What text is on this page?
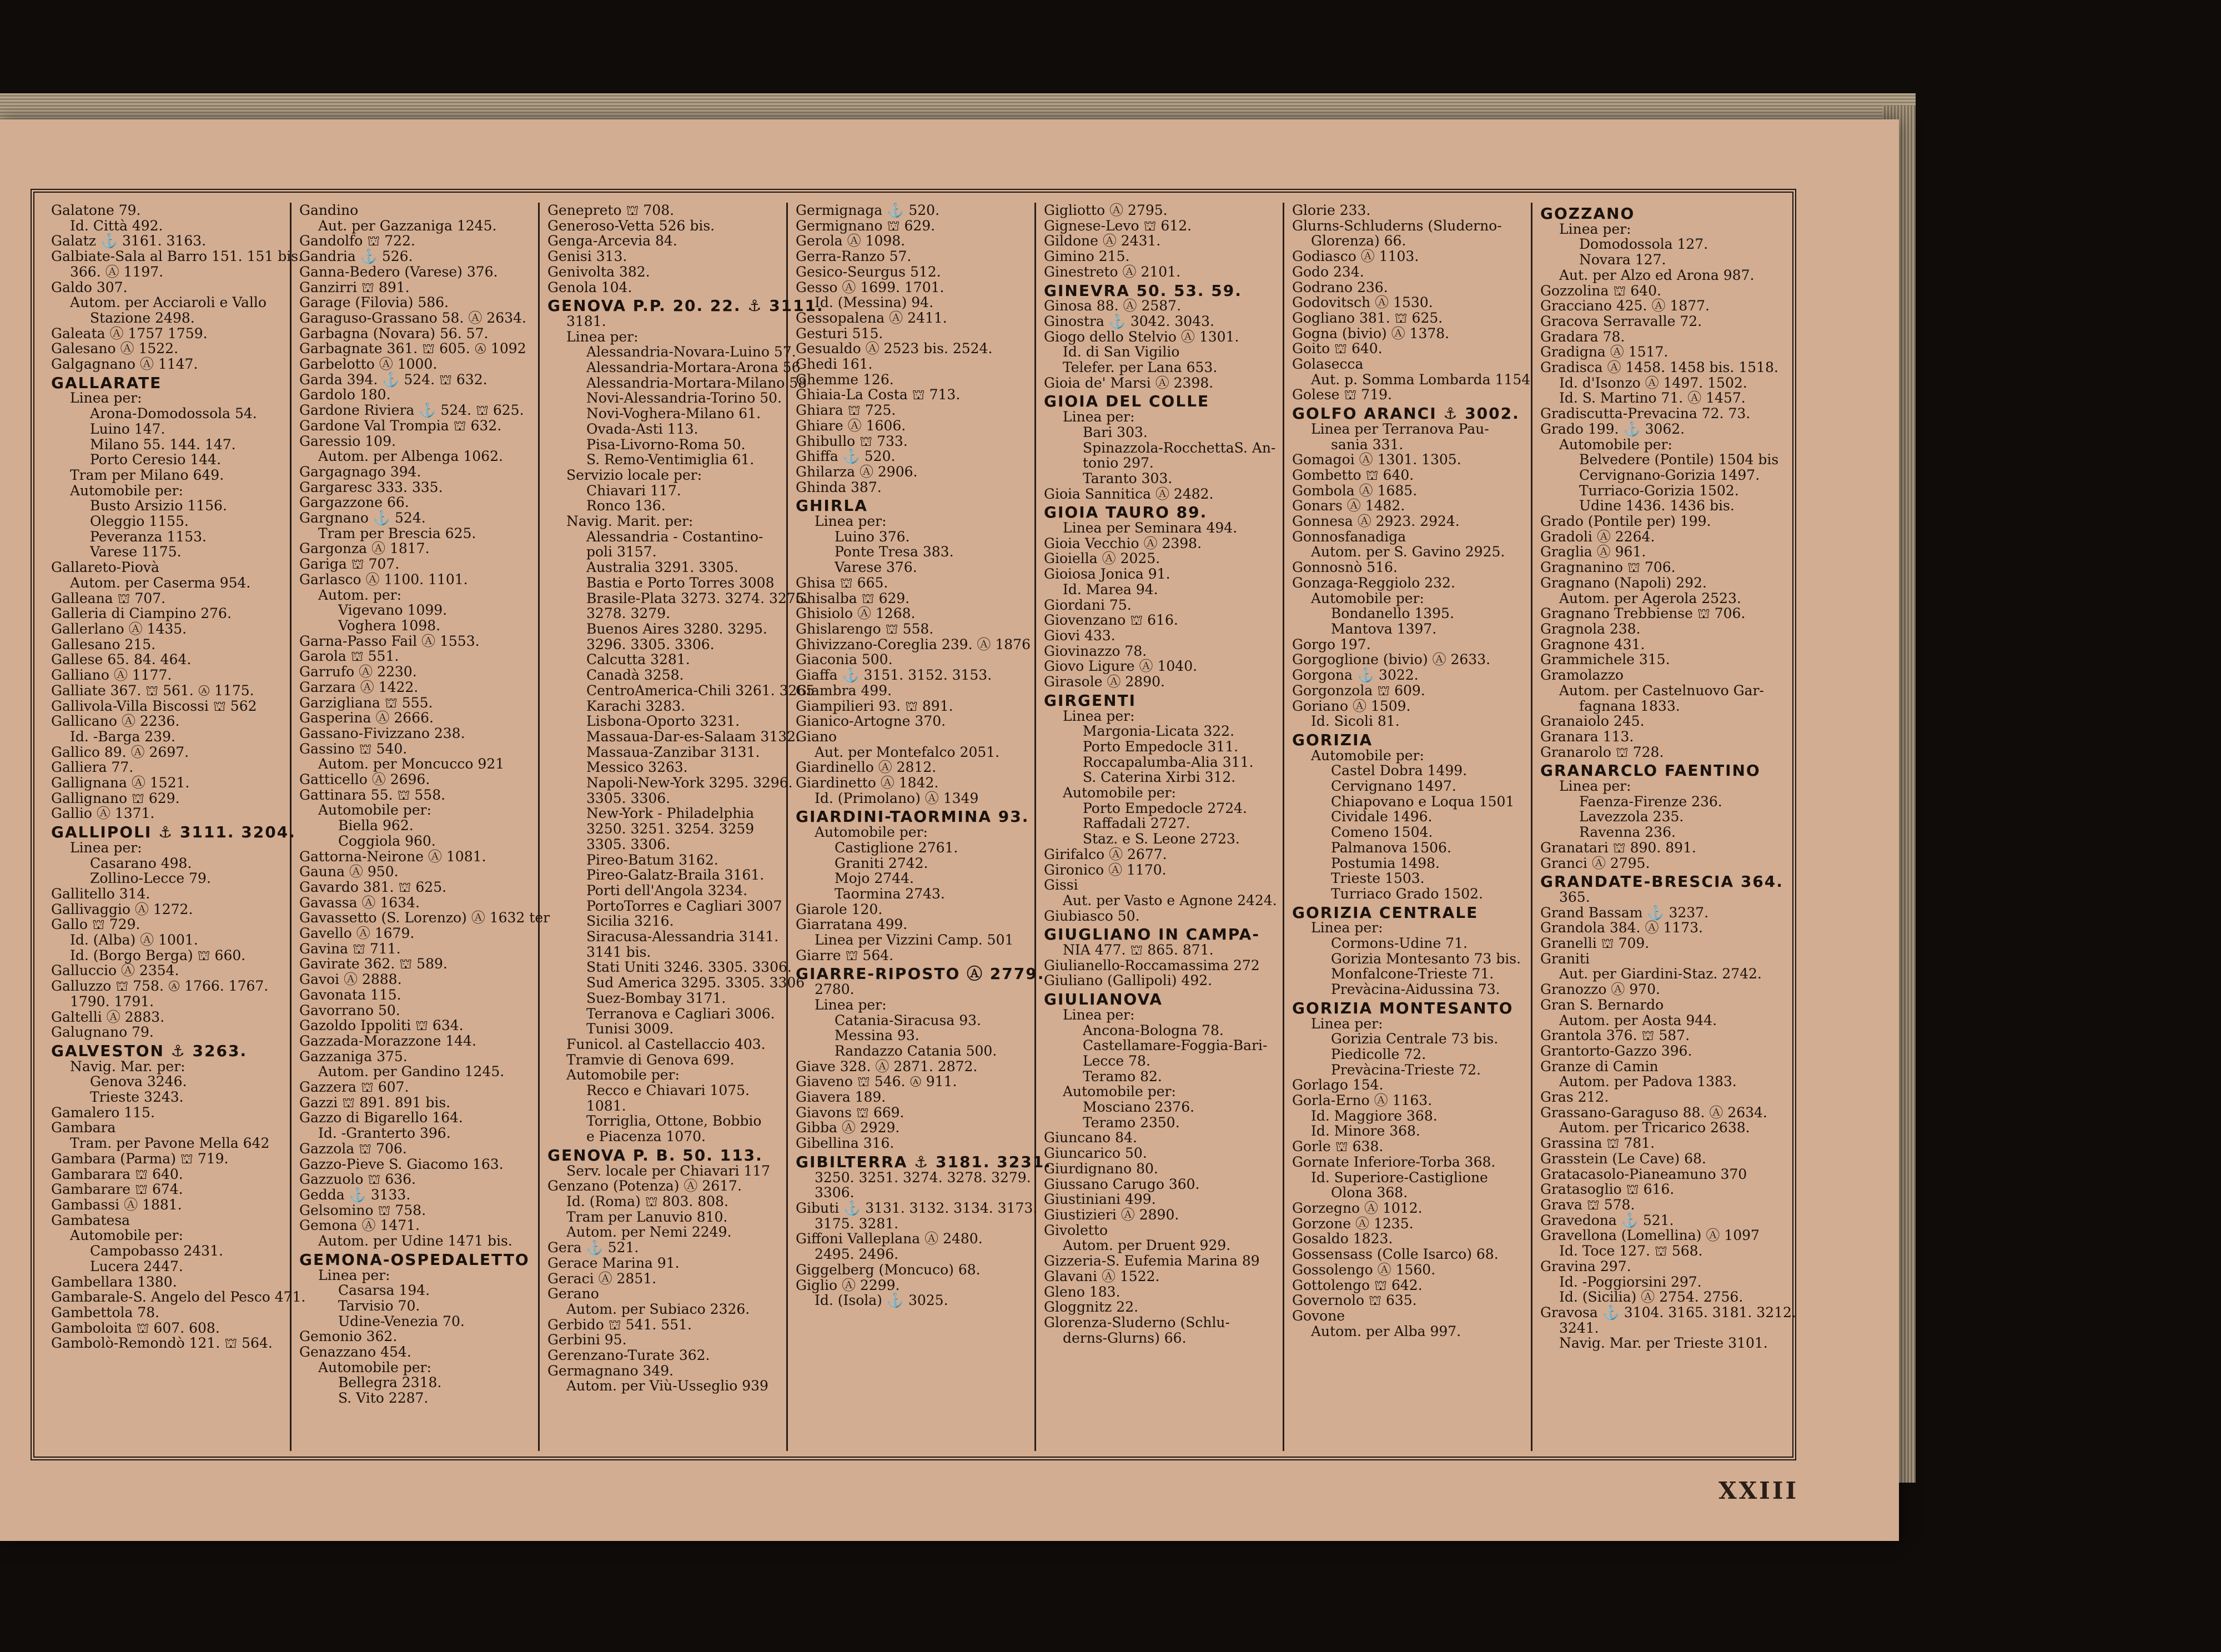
Galatone 79.
Id. Città 492.
Galatz ⚓ 3161. 3163.
Galbiate-Sala al Barro 151. 151 bis.
366. Ⓐ 1197.
Galdo 307.
Autom. per Acciaroli e Vallo
Stazione 2498.
Galeata Ⓐ 1757 1759.
Galesano Ⓐ 1522.
Galgagnano Ⓐ 1147.
GALLARATE
Linea per:
Arona-Domodossola 54.
Luino 147.
Milano 55. 144. 147.
Porto Ceresio 144.
Tram per Milano 649.
Automobile per:
Busto Arsizio 1156.
Oleggio 1155.
Peveranza 1153.
Varese 1175.
Gallareto-Piovà
Autom. per Caserma 954.
Galleana ⛫ 707.
Galleria di Ciampino 276.
Gallerlano Ⓐ 1435.
Gallesano 215.
Gallese 65. 84. 464.
Galliano Ⓐ 1177.
Galliate 367. ⛫ 561. Ⓐ 1175.
Gallivola-Villa Biscossi ⛫ 562
Gallicano Ⓐ 2236.
Id. -Barga 239.
Gallico 89. Ⓐ 2697.
Galliera 77.
Gallignana Ⓐ 1521.
Gallignano ⛫ 629.
Gallio Ⓐ 1371.
GALLIPOLI ⚓ 3111. 3204.
Linea per:
Casarano 498.
Zollino-Lecce 79.
Gallitello 314.
Gallivaggio Ⓐ 1272.
Gallo ⛫ 729.
Id. (Alba) Ⓐ 1001.
Id. (Borgo Berga) ⛫ 660.
Galluccio Ⓐ 2354.
Galluzzo ⛫ 758. Ⓐ 1766. 1767.
1790. 1791.
Galtelli Ⓐ 2883.
Galugnano 79.
GALVESTON ⚓ 3263.
Navig. Mar. per:
Genova 3246.
Trieste 3243.
Gamalero 115.
Gambara
Tram. per Pavone Mella 642
Gambara (Parma) ⛫ 719.
Gambarara ⛫ 640.
Gambarare ⛫ 674.
Gambassi Ⓐ 1881.
Gambatesa
Automobile per:
Campobasso 2431.
Lucera 2447.
Gambellara 1380.
Gambarale-S. Angelo del Pesco 471.
Gambettola 78.
Gamboloita ⛫ 607. 608.
Gambolò-Remondò 121. ⛫ 564.
Gandino
Aut. per Gazzaniga 1245.
Gandolfo ⛫ 722.
Gandria ⚓ 526.
Ganna-Bedero (Varese) 376.
Ganzirri ⛫ 891.
Garage (Filovia) 586.
Garaguso-Grassano 58. Ⓐ 2634.
Garbagna (Novara) 56. 57.
Garbagnate 361. ⛫ 605. Ⓐ 1092
Garbelotto Ⓐ 1000.
Garda 394. ⚓ 524. ⛫ 632.
Gardolo 180.
Gardone Riviera ⚓ 524. ⛫ 625.
Gardone Val Trompia ⛫ 632.
Garessio 109.
Autom. per Albenga 1062.
Gargagnago 394.
Gargaresc 333. 335.
Gargazzone 66.
Gargnano ⚓ 524.
Tram per Brescia 625.
Gargonza Ⓐ 1817.
Gariga ⛫ 707.
Garlasco Ⓐ 1100. 1101.
Autom. per:
Vigevano 1099.
Voghera 1098.
Garna-Passo Fail Ⓐ 1553.
Garola ⛫ 551.
Garrufo Ⓐ 2230.
Garzara Ⓐ 1422.
Garzigliana ⛫ 555.
Gasperina Ⓐ 2666.
Gassano-Fivizzano 238.
Gassino ⛫ 540.
Autom. per Moncucco 921
Gatticello Ⓐ 2696.
Gattinara 55. ⛫ 558.
Automobile per:
Biella 962.
Coggiola 960.
Gattorna-Neirone Ⓐ 1081.
Gauna Ⓐ 950.
Gavardo 381. ⛫ 625.
Gavassa Ⓐ 1634.
Gavassetto (S. Lorenzo) Ⓐ 1632 ter
Gavello Ⓐ 1679.
Gavina ⛫ 711.
Gavirate 362. ⛫ 589.
Gavoi Ⓐ 2888.
Gavonata 115.
Gavorrano 50.
Gazoldo Ippoliti ⛫ 634.
Gazzada-Morazzone 144.
Gazzaniga 375.
Autom. per Gandino 1245.
Gazzera ⛫ 607.
Gazzi ⛫ 891. 891 bis.
Gazzo di Bigarello 164.
Id. -Granterto 396.
Gazzola ⛫ 706.
Gazzo-Pieve S. Giacomo 163.
Gazzuolo ⛫ 636.
Gedda ⚓ 3133.
Gelsomino ⛫ 758.
Gemona Ⓐ 1471.
Autom. per Udine 1471 bis.
GEMONA-OSPEDALETTO
Linea per:
Casarsa 194.
Tarvisio 70.
Udine-Venezia 70.
Gemonio 362.
Genazzano 454.
Automobile per:
Bellegra 2318.
S. Vito 2287.
Genepreto ⛫ 708.
Generoso-Vetta 526 bis.
Genga-Arcevia 84.
Genisi 313.
Genivolta 382.
Genola 104.
GENOVA P.P. 20. 22. ⚓ 3111.
3181.
Linea per:
Alessandria-Novara-Luino 57.
Alessandria-Mortara-Arona 56
Alessandria-Mortara-Milano 58
Novi-Alessandria-Torino 50.
Novi-Voghera-Milano 61.
Ovada-Asti 113.
Pisa-Livorno-Roma 50.
S. Remo-Ventimiglia 61.
Servizio locale per:
Chiavari 117.
Ronco 136.
Navig. Marit. per:
Alessandria - Costantino-
poli 3157.
Australia 3291. 3305.
Bastia e Porto Torres 3008
Brasile-Plata 3273. 3274. 3275.
3278. 3279.
Buenos Aires 3280. 3295.
3296. 3305. 3306.
Calcutta 3281.
Canadà 3258.
CentroAmerica-Chili 3261. 3265
Karachi 3283.
Lisbona-Oporto 3231.
Massaua-Dar-es-Salaam 3132.
Massaua-Zanzibar 3131.
Messico 3263.
Napoli-New-York 3295. 3296.
3305. 3306.
New-York - Philadelphia
3250. 3251. 3254. 3259
3305. 3306.
Pireo-Batum 3162.
Pireo-Galatz-Braila 3161.
Porti dell'Angola 3234.
PortoTorres e Cagliari 3007
Sicilia 3216.
Siracusa-Alessandria 3141.
3141 bis.
Stati Uniti 3246. 3305. 3306.
Sud America 3295. 3305. 3306
Suez-Bombay 3171.
Terranova e Cagliari 3006.
Tunisi 3009.
Funicol. al Castellaccio 403.
Tramvie di Genova 699.
Automobile per:
Recco e Chiavari 1075.
1081.
Torriglia, Ottone, Bobbio
e Piacenza 1070.
GENOVA P. B. 50. 113.
Serv. locale per Chiavari 117
Genzano (Potenza) Ⓐ 2617.
Id. (Roma) ⛫ 803. 808.
Tram per Lanuvio 810.
Autom. per Nemi 2249.
Gera ⚓ 521.
Gerace Marina 91.
Geraci Ⓐ 2851.
Gerano
Autom. per Subiaco 2326.
Gerbido ⛫ 541. 551.
Gerbini 95.
Gerenzano-Turate 362.
Germagnano 349.
Autom. per Viù-Usseglio 939
Germignaga ⚓ 520.
Germignano ⛫ 629.
Gerola Ⓐ 1098.
Gerra-Ranzo 57.
Gesico-Seurgus 512.
Gesso Ⓐ 1699. 1701.
Id. (Messina) 94.
Gessopalena Ⓐ 2411.
Gesturi 515.
Gesualdo Ⓐ 2523 bis. 2524.
Ghedi 161.
Ghemme 126.
Ghiaia-La Costa ⛫ 713.
Ghiara ⛫ 725.
Ghiare Ⓐ 1606.
Ghibullo ⛫ 733.
Ghiffa ⚓ 520.
Ghilarza Ⓐ 2906.
Ghinda 387.
GHIRLA
Linea per:
Luino 376.
Ponte Tresa 383.
Varese 376.
Ghisa ⛫ 665.
Ghisalba ⛫ 629.
Ghisiolo Ⓐ 1268.
Ghislarengo ⛫ 558.
Ghivizzano-Coreglia 239. Ⓐ 1876
Giaconia 500.
Giaffa ⚓ 3151. 3152. 3153.
Giambra 499.
Giampilieri 93. ⛫ 891.
Gianico-Artogne 370.
Giano
Aut. per Montefalco 2051.
Giardinello Ⓐ 2812.
Giardinetto Ⓐ 1842.
Id. (Primolano) Ⓐ 1349
GIARDINI-TAORMINA 93.
Automobile per:
Castiglione 2761.
Graniti 2742.
Mojo 2744.
Taormina 2743.
Giarole 120.
Giarratana 499.
Linea per Vizzini Camp. 501
Giarre ⛫ 564.
GIARRE-RIPOSTO Ⓐ 2779.
2780.
Linea per:
Catania-Siracusa 93.
Messina 93.
Randazzo Catania 500.
Giave 328. Ⓐ 2871. 2872.
Giaveno ⛫ 546. Ⓐ 911.
Giavera 189.
Giavons ⛫ 669.
Gibba Ⓐ 2929.
Gibellina 316.
GIBILTERRA ⚓ 3181. 3231.
3250. 3251. 3274. 3278. 3279.
3306.
Gibuti ⚓ 3131. 3132. 3134. 3173.
3175. 3281.
Giffoni Valleplana Ⓐ 2480.
2495. 2496.
Giggelberg (Moncuco) 68.
Giglio Ⓐ 2299.
Id. (Isola) ⚓ 3025.
Gigliotto Ⓐ 2795.
Gignese-Levo ⛫ 612.
Gildone Ⓐ 2431.
Gimino 215.
Ginestreto Ⓐ 2101.
GINEVRA 50. 53. 59.
Ginosa 88. Ⓐ 2587.
Ginostra ⚓ 3042. 3043.
Giogo dello Stelvio Ⓐ 1301.
Id. di San Vigilio
Telefer. per Lana 653.
Gioia de' Marsi Ⓐ 2398.
GIOIA DEL COLLE
Linea per:
Bari 303.
Spinazzola-RocchettaS. An-
tonio 297.
Taranto 303.
Gioia Sannitica Ⓐ 2482.
GIOIA TAURO 89.
Linea per Seminara 494.
Gioia Vecchio Ⓐ 2398.
Gioiella Ⓐ 2025.
Gioiosa Jonica 91.
Id. Marea 94.
Giordani 75.
Giovenzano ⛫ 616.
Giovi 433.
Giovinazzo 78.
Giovo Ligure Ⓐ 1040.
Girasole Ⓐ 2890.
GIRGENTI
Linea per:
Margonia-Licata 322.
Porto Empedocle 311.
Roccapalumba-Alia 311.
S. Caterina Xirbi 312.
Automobile per:
Porto Empedocle 2724.
Raffadali 2727.
Staz. e S. Leone 2723.
Girifalco Ⓐ 2677.
Gironico Ⓐ 1170.
Gissi
Aut. per Vasto e Agnone 2424.
Giubiasco 50.
GIUGLIANO IN CAMPA-
NIA 477. ⛫ 865. 871.
Giulianello-Roccamassima 272
Giuliano (Gallipoli) 492.
GIULIANOVA
Linea per:
Ancona-Bologna 78.
Castellamare-Foggia-Bari-
Lecce 78.
Teramo 82.
Automobile per:
Mosciano 2376.
Teramo 2350.
Giuncano 84.
Giuncarico 50.
Giurdignano 80.
Giussano Carugo 360.
Giustiniani 499.
Giustizieri Ⓐ 2890.
Givoletto
Autom. per Druent 929.
Gizzeria-S. Eufemia Marina 89
Glavani Ⓐ 1522.
Gleno 183.
Gloggnitz 22.
Glorenza-Sluderno (Schlu-
derns-Glurns) 66.
Glorie 233.
Glurns-Schluderns (Sluderno-
Glorenza) 66.
Godiasco Ⓐ 1103.
Godo 234.
Godrano 236.
Godovitsch Ⓐ 1530.
Gogliano 381. ⛫ 625.
Gogna (bivio) Ⓐ 1378.
Goito ⛫ 640.
Golasecca
Aut. p. Somma Lombarda 1154
Golese ⛫ 719.
GOLFO ARANCI ⚓ 3002.
Linea per Terranova Pau-
sania 331.
Gomagoi Ⓐ 1301. 1305.
Gombetto ⛫ 640.
Gombola Ⓐ 1685.
Gonars Ⓐ 1482.
Gonnesa Ⓐ 2923. 2924.
Gonnosfanadiga
Autom. per S. Gavino 2925.
Gonnosnò 516.
Gonzaga-Reggiolo 232.
Automobile per:
Bondanello 1395.
Mantova 1397.
Gorgo 197.
Gorgoglione (bivio) Ⓐ 2633.
Gorgona ⚓ 3022.
Gorgonzola ⛫ 609.
Goriano Ⓐ 1509.
Id. Sicoli 81.
GORIZIA
Automobile per:
Castel Dobra 1499.
Cervignano 1497.
Chiapovano e Loqua 1501
Cividale 1496.
Comeno 1504.
Palmanova 1506.
Postumia 1498.
Trieste 1503.
Turriaco Grado 1502.
GORIZIA CENTRALE
Linea per:
Cormons-Udine 71.
Gorizia Montesanto 73 bis.
Monfalcone-Trieste 71.
Prevàcina-Aidussina 73.
GORIZIA MONTESANTO
Linea per:
Gorizia Centrale 73 bis.
Piedicolle 72.
Prevàcina-Trieste 72.
Gorlago 154.
Gorla-Erno Ⓐ 1163.
Id. Maggiore 368.
Id. Minore 368.
Gorle ⛫ 638.
Gornate Inferiore-Torba 368.
Id. Superiore-Castiglione
Olona 368.
Gorzegno Ⓐ 1012.
Gorzone Ⓐ 1235.
Gosaldo 1823.
Gossensass (Colle Isarco) 68.
Gossolengo Ⓐ 1560.
Gottolengo ⛫ 642.
Governolo ⛫ 635.
Govone
Autom. per Alba 997.
GOZZANO
Linea per:
Domodossola 127.
Novara 127.
Aut. per Alzo ed Arona 987.
Gozzolina ⛫ 640.
Gracciano 425. Ⓐ 1877.
Gracova Serravalle 72.
Gradara 78.
Gradigna Ⓐ 1517.
Gradisca Ⓐ 1458. 1458 bis. 1518.
Id. d'Isonzo Ⓐ 1497. 1502.
Id. S. Martino 71. Ⓐ 1457.
Gradiscutta-Prevacina 72. 73.
Grado 199. ⚓ 3062.
Automobile per:
Belvedere (Pontile) 1504 bis
Cervignano-Gorizia 1497.
Turriaco-Gorizia 1502.
Udine 1436. 1436 bis.
Grado (Pontile per) 199.
Gradoli Ⓐ 2264.
Graglia Ⓐ 961.
Gragnanino ⛫ 706.
Gragnano (Napoli) 292.
Autom. per Agerola 2523.
Gragnano Trebbiense ⛫ 706.
Gragnola 238.
Gragnone 431.
Grammichele 315.
Gramolazzo
Autom. per Castelnuovo Gar-
fagnana 1833.
Granaiolo 245.
Granara 113.
Granarolo ⛫ 728.
GRANARCLO FAENTINO
Linea per:
Faenza-Firenze 236.
Lavezzola 235.
Ravenna 236.
Granatari ⛫ 890. 891.
Granci Ⓐ 2795.
GRANDATE-BRESCIA 364.
365.
Grand Bassam ⚓ 3237.
Grandola 384. Ⓐ 1173.
Granelli ⛫ 709.
Graniti
Aut. per Giardini-Staz. 2742.
Granozzo Ⓐ 970.
Gran S. Bernardo
Autom. per Aosta 944.
Grantola 376. ⛫ 587.
Grantorto-Gazzo 396.
Granze di Camin
Autom. per Padova 1383.
Gras 212.
Grassano-Garaguso 88. Ⓐ 2634.
Autom. per Tricarico 2638.
Grassina ⛫ 781.
Grasstein (Le Cave) 68.
Gratacasolo-Pianeamuno 370
Gratasoglio ⛫ 616.
Grava ⛫ 578.
Gravedona ⚓ 521.
Gravellona (Lomellina) Ⓐ 1097
Id. Toce 127. ⛫ 568.
Gravina 297.
Id. -Poggiorsini 297.
Id. (Sicilia) Ⓐ 2754. 2756.
Gravosa ⚓ 3104. 3165. 3181. 3212.
3241.
Navig. Mar. per Trieste 3101.
XXIII
